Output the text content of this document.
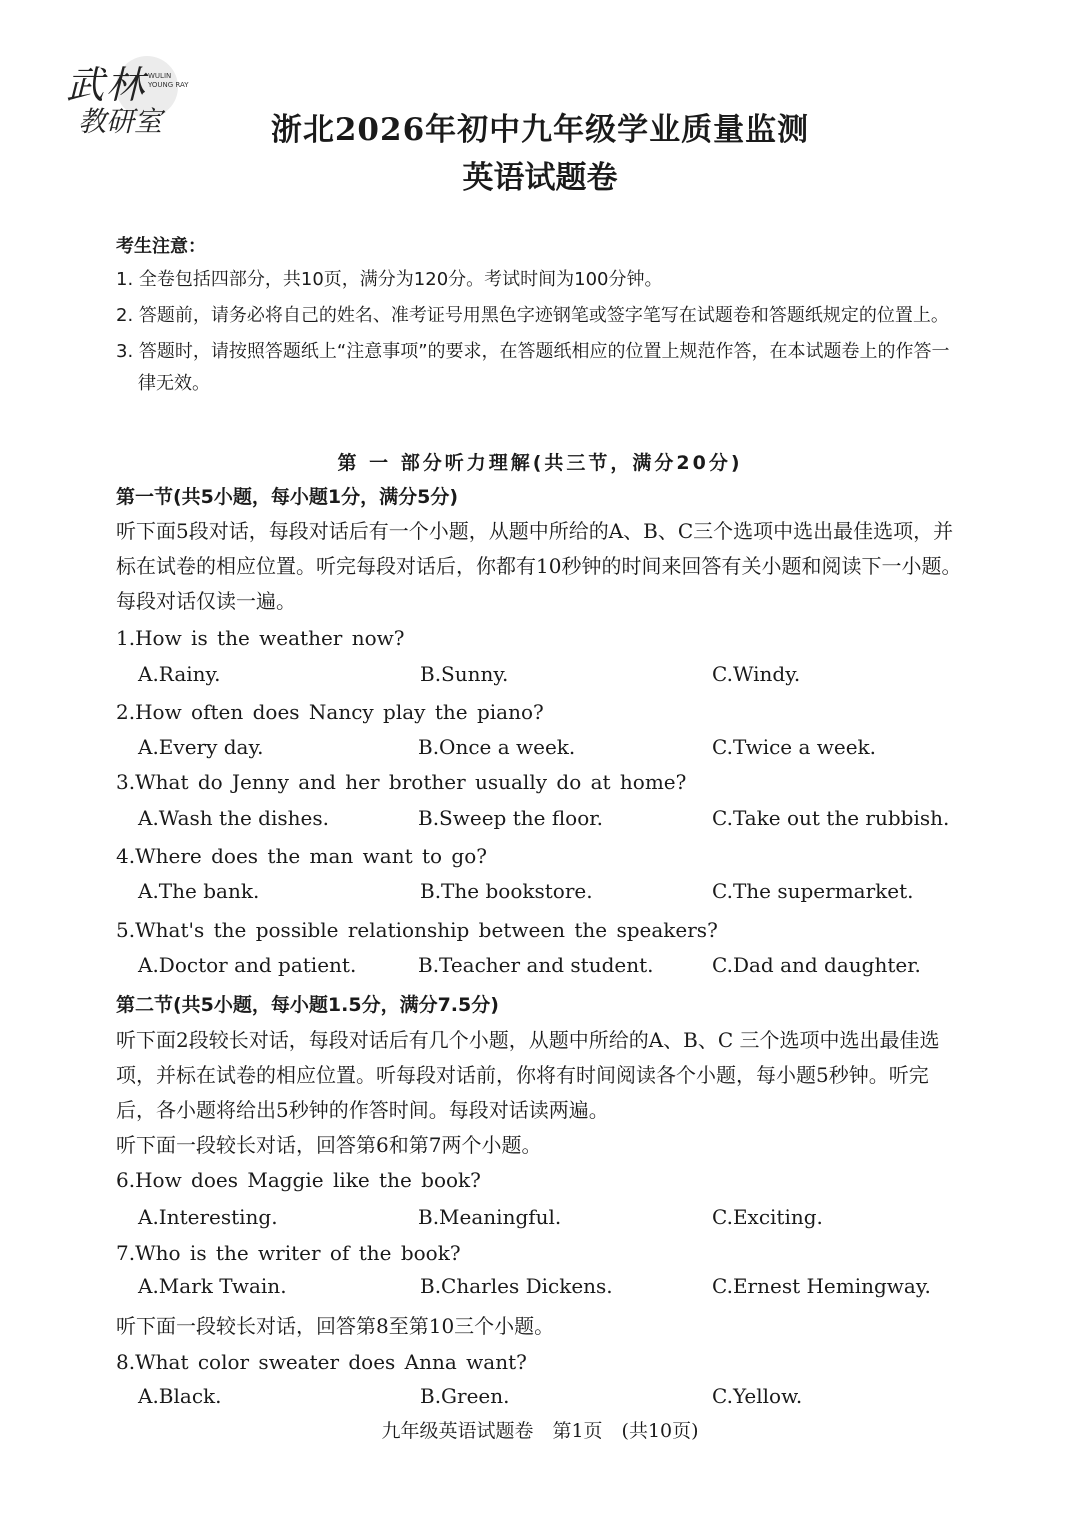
武林
教研室
WULIN
YOUNG RAY
浙北2026年初中九年级学业质量监测
英语试题卷
考生注意：
1. 全卷包括四部分，共10页，满分为120分。考试时间为100分钟。
2. 答题前，请务必将自己的姓名、准考证号用黑色字迹钢笔或签字笔写在试题卷和答题纸规定的位置上。
3. 答题时，请按照答题纸上“注意事项”的要求，在答题纸相应的位置上规范作答，在本试题卷上的作答一律无效。
第 一 部分听力理解(共三节，满分20分)
第一节(共5小题，每小题1分，满分5分)
听下面5段对话，每段对话后有一个小题，从题中所给的A、B、C三个选项中选出最佳选项，并标在试卷的相应位置。听完每段对话后，你都有10秒钟的时间来回答有关小题和阅读下一小题。每段对话仅读一遍。
1.How is the weather now?
A.Rainy.	B.Sunny.	C.Windy.
2.How often does Nancy play the piano?
A.Every day.	B.Once a week.	C.Twice a week.
3.What do Jenny and her brother usually do at home?
A.Wash the dishes.	B.Sweep the floor.	C.Take out the rubbish.
4.Where does the man want to go?
A.The bank.	B.The bookstore.	C.The supermarket.
5.What's the possible relationship between the speakers?
A.Doctor and patient.	B.Teacher and student.	C.Dad and daughter.
第二节(共5小题，每小题1.5分，满分7.5分)
听下面2段较长对话，每段对话后有几个小题，从题中所给的A、B、C 三个选项中选出最佳选项，并标在试卷的相应位置。听每段对话前，你将有时间阅读各个小题，每小题5秒钟。听完后，各小题将给出5秒钟的作答时间。每段对话读两遍。
听下面一段较长对话，回答第6和第7两个小题。
6.How does Maggie like the book?
A.Interesting.	B.Meaningful.	C.Exciting.
7.Who is the writer of the book?
A.Mark Twain.	B.Charles Dickens.	C.Ernest Hemingway.
听下面一段较长对话，回答第8至第10三个小题。
8.What color sweater does Anna want?
A.Black.	B.Green.	C.Yellow.
九年级英语试题卷　第1页　(共10页)
